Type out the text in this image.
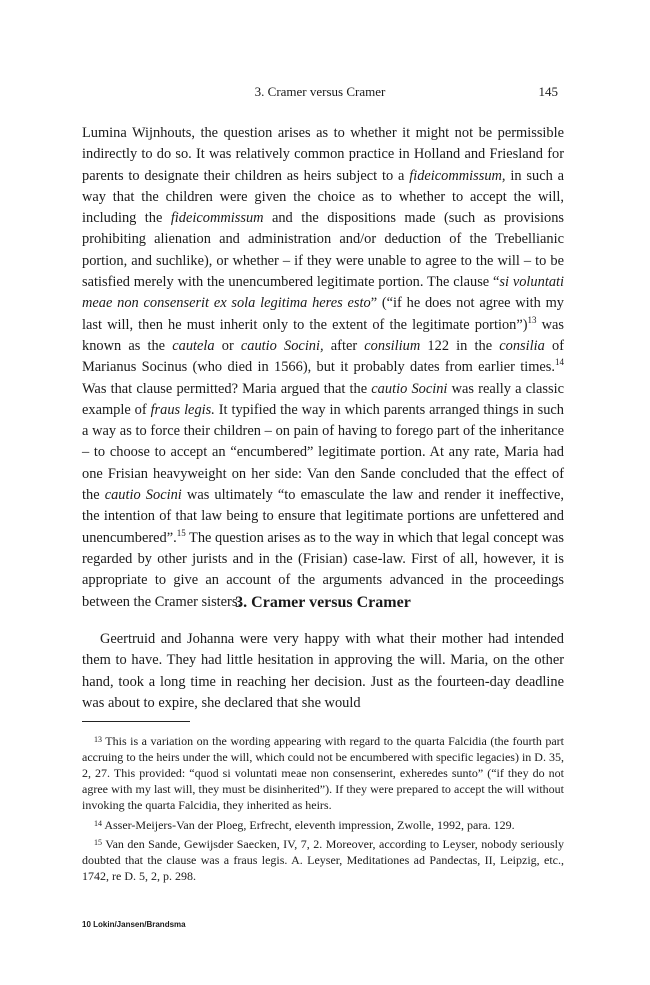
3. Cramer versus Cramer	145

Lumina Wijnhouts, the question arises as to whether it might not be permissible indirectly to do so. It was relatively common practice in Holland and Friesland for parents to designate their children as heirs subject to a fideicommissum, in such a way that the children were given the choice as to whether to accept the will, including the fideicommissum and the dispositions made (such as provisions prohibiting alienation and administration and/or deduction of the Trebellianic portion, and suchlike), or whether – if they were unable to agree to the will – to be satisfied merely with the unencumbered legitimate portion. The clause “si voluntati meae non consenserit ex sola legitima heres esto” (“if he does not agree with my last will, then he must inherit only to the extent of the legitimate portion”)$^{13}$ was known as the cautela or cautio Socini, after consilium 122 in the consilia of Marianus Socinus (who died in 1566), but it probably dates from earlier times.$^{14}$ Was that clause permitted? Maria argued that the cautio Socini was really a classic example of fraus legis. It typified the way in which parents arranged things in such a way as to force their children – on pain of having to forego part of the inheritance – to choose to accept an “encumbered” legitimate portion. At any rate, Maria had one Frisian heavyweight on her side: Van den Sande concluded that the effect of the cautio Socini was ultimately “to emasculate the law and render it ineffective, the intention of that law being to ensure that legitimate portions are unfettered and unencumbered”.$^{15}$ The question arises as to the way in which that legal concept was regarded by other jurists and in the (Frisian) case-law. First of all, however, it is appropriate to give an account of the arguments advanced in the proceedings between the Cramer sisters.

3. Cramer versus Cramer

Geertruid and Johanna were very happy with what their mother had intended them to have. They had little hesitation in approving the will. Maria, on the other hand, took a long time in reaching her decision. Just as the fourteen-day deadline was about to expire, she declared that she would

$^{13}$ This is a variation on the wording appearing with regard to the quarta Falcidia (the fourth part accruing to the heirs under the will, which could not be encumbered with specific legacies) in D. 35, 2, 27. This provided: “quod si voluntati meae non consenserint, exheredes sunto” (“if they do not agree with my last will, they must be disinherited”). If they were prepared to accept the will without invoking the quarta Falcidia, they inherited as heirs.

$^{14}$ Asser-Meijers-Van der Ploeg, Erfrecht, eleventh impression, Zwolle, 1992, para. 129.

$^{15}$ Van den Sande, Gewijsder Saecken, IV, 7, 2. Moreover, according to Leyser, nobody seriously doubted that the clause was a fraus legis. A. Leyser, Meditationes ad Pandectas, II, Leipzig, etc., 1742, re D. 5, 2, p. 298.

10 Lokin/Jansen/Brandsma
